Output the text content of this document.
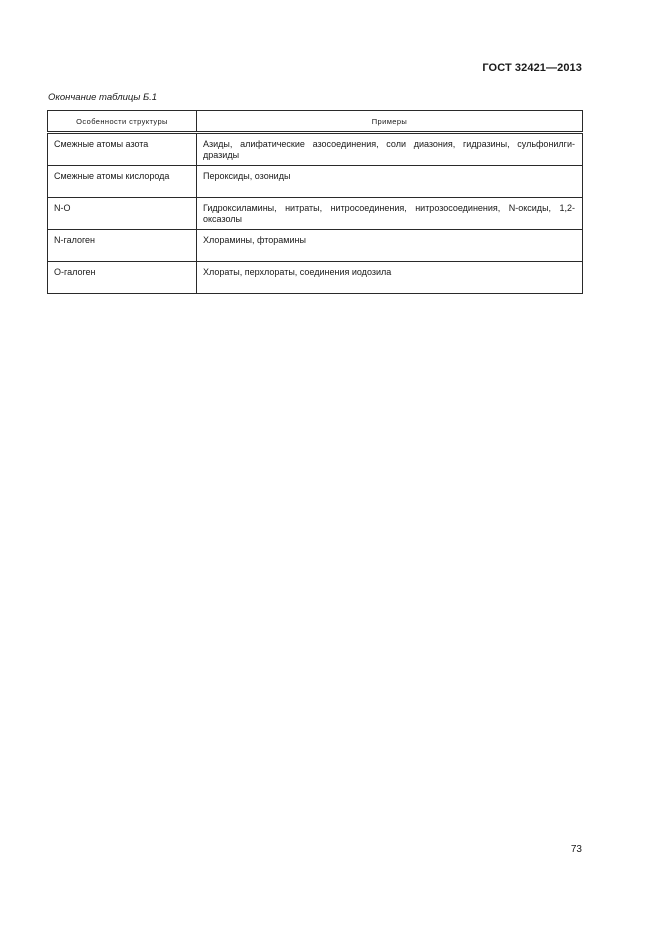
ГОСТ 32421—2013
Окончание таблицы Б.1
Особенности структуры	Примеры
Смежные атомы азота	Азиды, алифатические азосоединения, соли диазония, гидразины, сульфонилги-дразиды
Смежные атомы кислорода	Пероксиды, озониды
N-O	Гидроксиламины, нитраты, нитросоединения, нитрозосоединения, N-оксиды, 1,2-оксазолы
N-галоген	Хлорамины, фторамины
О-галоген	Хлораты, перхлораты, соединения иодозила
73
